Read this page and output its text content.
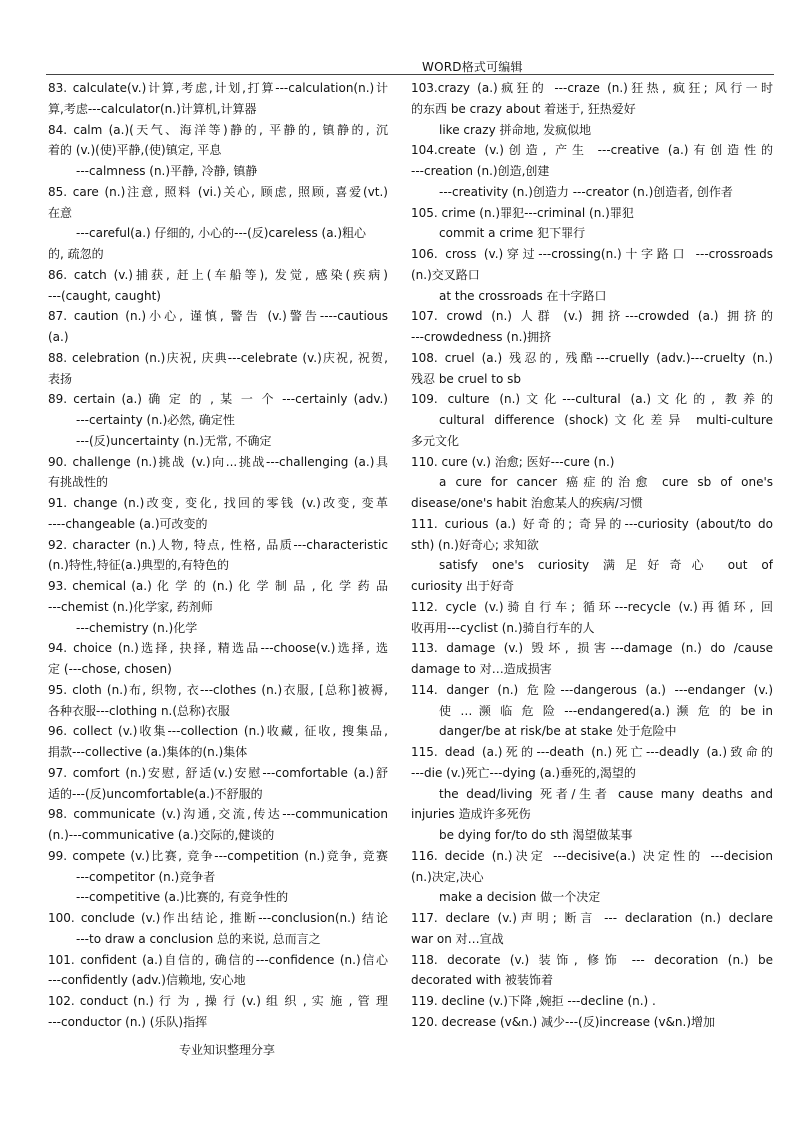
WORD格式可编辑
83. calculate(v.)计算,考虑,计划,打算---calculation(n.)计
算,考虑---calculator(n.)计算机,计算器
84. calm (a.)(天气、海洋等)静的, 平静的, 镇静的, 沉
着的 (v.)(使)平静,(使)镇定, 平息
---calmness (n.)平静, 冷静, 镇静
85. care (n.)注意, 照料 (vi.)关心, 顾虑, 照顾, 喜爱(vt.)
在意
---careful(a.) 仔细的, 小心的---(反)careless (a.)粗心
的, 疏忽的
86. catch (v.)捕获, 赶上(车船等), 发觉, 感染(疾病)
---(caught, caught)
87. caution (n.)小心, 谨慎, 警告 (v.)警告----cautious
(a.)
88. celebration (n.)庆祝, 庆典---celebrate (v.)庆祝, 祝贺,
表扬
89. certain (a.) 确 定 的 , 某 一 个 ---certainly (adv.)
---certainty (n.)必然, 确定性
---(反)uncertainty (n.)无常, 不确定
90. challenge (n.)挑战 (v.)向...挑战---challenging (a.)具
有挑战性的
91. change (n.)改变, 变化, 找回的零钱 (v.)改变, 变革
----changeable (a.)可改变的
92. character (n.)人物, 特点, 性格, 品质---characteristic
(n.)特性,特征(a.)典型的,有特色的
93. chemical (a.) 化 学 的 (n.) 化 学 制 品 , 化 学 药 品
---chemist (n.)化学家, 药剂师
---chemistry (n.)化学
94. choice (n.)选择, 抉择, 精选品---choose(v.)选择, 选
定 (---chose, chosen)
95. cloth (n.)布, 织物, 衣---clothes (n.)衣服, [总称]被褥,
各种衣服---clothing n.(总称)衣服
96. collect (v.)收集---collection (n.)收藏, 征收, 搜集品,
捐款---collective (a.)集体的(n.)集体
97. comfort (n.)安慰, 舒适(v.)安慰---comfortable (a.)舒
适的---(反)uncomfortable(a.)不舒服的
98. communicate (v.)沟通,交流,传达---communication
(n.)---communicative (a.)交际的,健谈的
99. compete (v.)比赛, 竞争---competition (n.)竞争, 竞赛
---competitor (n.)竞争者
---competitive (a.)比赛的, 有竞争性的
100. conclude (v.)作出结论, 推断---conclusion(n.) 结论
---to draw a conclusion 总的来说, 总而言之
101. confident (a.)自信的, 确信的---confidence (n.)信心
---confidently (adv.)信赖地, 安心地
102. conduct (n.) 行 为 , 操 行 (v.) 组 织 , 实 施 , 管 理
---conductor (n.) (乐队)指挥
103.crazy (a.)疯狂的 ---craze (n.)狂热, 疯狂; 风行一时
的东西 be crazy about 着迷于, 狂热爱好
like crazy 拼命地, 发疯似地
104.create (v.)创造, 产生 ---creative (a.)有创造性的
---creation (n.)创造,创建
---creativity (n.)创造力 ---creator (n.)创造者, 创作者
105. crime (n.)罪犯---criminal (n.)罪犯
commit a crime 犯下罪行
106. cross (v.)穿过---crossing(n.)十字路口 ---crossroads
(n.)交叉路口
at the crossroads 在十字路口
107. crowd (n.) 人群 (v.) 拥挤---crowded (a.) 拥挤的
---crowdedness (n.)拥挤
108. cruel (a.) 残忍的, 残酷---cruelly (adv.)---cruelty (n.)
残忍 be cruel to sb
109. culture (n.)文化---cultural (a.)文化的, 教养的
cultural difference (shock)文化差异 multi-culture
多元文化
110. cure (v.) 治愈; 医好---cure (n.)
a cure for cancer 癌症的治愈 cure sb of one's
disease/one's habit 治愈某人的疾病/习惯
111. curious (a.) 好奇的; 奇异的---curiosity (about/to do
sth) (n.)好奇心; 求知欲
satisfy one's curiosity 满足好奇心 out of
curiosity 出于好奇
112. cycle (v.)骑自行车; 循环---recycle (v.)再循环, 回
收再用---cyclist (n.)骑自行车的人
113. damage (v.) 毁坏, 损害---damage (n.) do /cause
damage to 对…造成损害
114. danger (n.) 危险---dangerous (a.) ---endanger (v.)
使 … 濒 临 危 险 ---endangered(a.) 濒 危 的 be in
danger/be at risk/be at stake 处于危险中
115. dead (a.)死的---death (n.)死亡---deadly (a.)致命的
---die (v.)死亡---dying (a.)垂死的,渴望的
the dead/living 死者/生者 cause many deaths and
injuries 造成许多死伤
be dying for/to do sth 渴望做某事
116. decide (n.)决定 ---decisive(a.) 决定性的 ---decision
(n.)决定,决心
make a decision 做一个决定
117. declare (v.)声明; 断言 --- declaration (n.) declare
war on 对…宣战
118. decorate (v.) 装饰, 修饰 --- decoration (n.) be
decorated with 被装饰着
119. decline (v.)下降 ,婉拒 ---decline (n.) .
120. decrease (v&n.) 减少---(反)increase (v&n.)增加
专业知识整理分享
